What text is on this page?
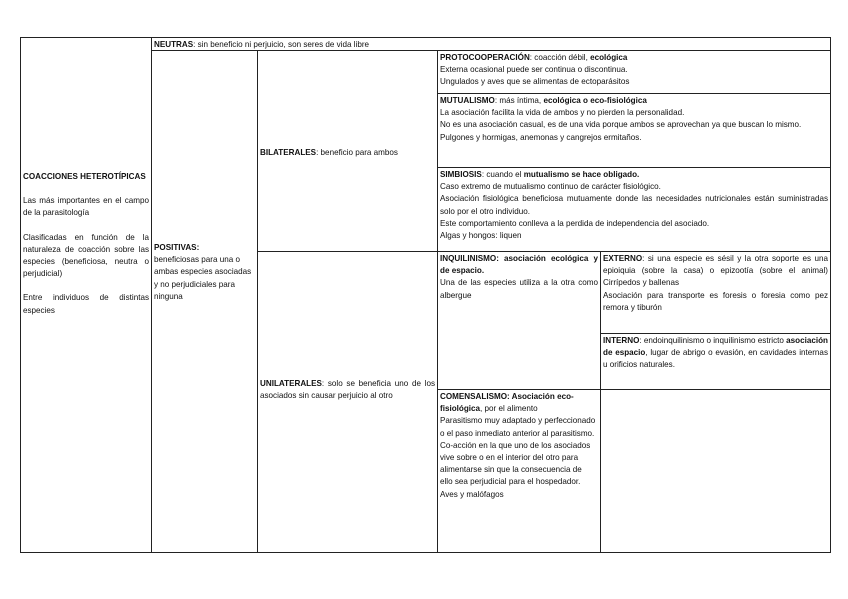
COACCIONES HETEROTÍPICAS
Las más importantes en el campo de la parasitología
Clasificadas en función de la naturaleza de coacción sobre las especies (beneficiosa, neutra o perjudicial)
Entre individuos de distintas especies
NEUTRAS: sin beneficio ni perjuicio, son seres de vida libre
POSITIVAS:
beneficiosas para una o ambas especies asociadas y no perjudiciales para ninguna
BILATERALES: beneficio para ambos
UNILATERALES: solo se beneficia uno de los asociados sin causar perjuicio al otro
PROTOCOOPERACIÓN: coacción débil, ecológica
Externa ocasional puede ser continua o discontinua.
Ungulados y aves que se alimentas de ectoparásitos
MUTUALISMO: más íntima, ecológica o eco-fisiológica
La asociación facilita la vida de ambos y no pierden la personalidad.
No es una asociación casual, es de una vida porque ambos se aprovechan ya que buscan lo mismo.
Pulgones y hormigas, anemonas y cangrejos ermitaños.
SIMBIOSIS: cuando el mutualismo se hace obligado.
Caso extremo de mutualismo continuo de carácter fisiológico.
Asociación fisiológica beneficiosa mutuamente donde las necesidades nutricionales están suministradas solo por el otro individuo.
Este comportamiento conlleva a la perdida de independencia del asociado.
Algas y hongos: liquen
INQUILINISMO: asociación ecológica y de espacio.
Una de las especies utiliza a la otra como albergue
EXTERNO: si una especie es sésil y la otra soporte es una epioiquia (sobre la casa) o epizootía (sobre el animal) Cirrípedos y ballenas
Asociación para transporte es foresis o foresia como pez remora y tiburón
INTERNO: endoinquilinismo o inquilinismo estricto asociación de espacio, lugar de abrigo o evasión, en cavidades internas u orificios naturales.
COMENSALISMO: Asociación eco-fisiológica, por el alimento
Parasitismo muy adaptado y perfeccionado o el paso inmediato anterior al parasitismo.
Co-acción en la que uno de los asociados vive sobre o en el interior del otro para alimentarse sin que la consecuencia de ello sea perjudicial para el hospedador.
Aves y malófagos
